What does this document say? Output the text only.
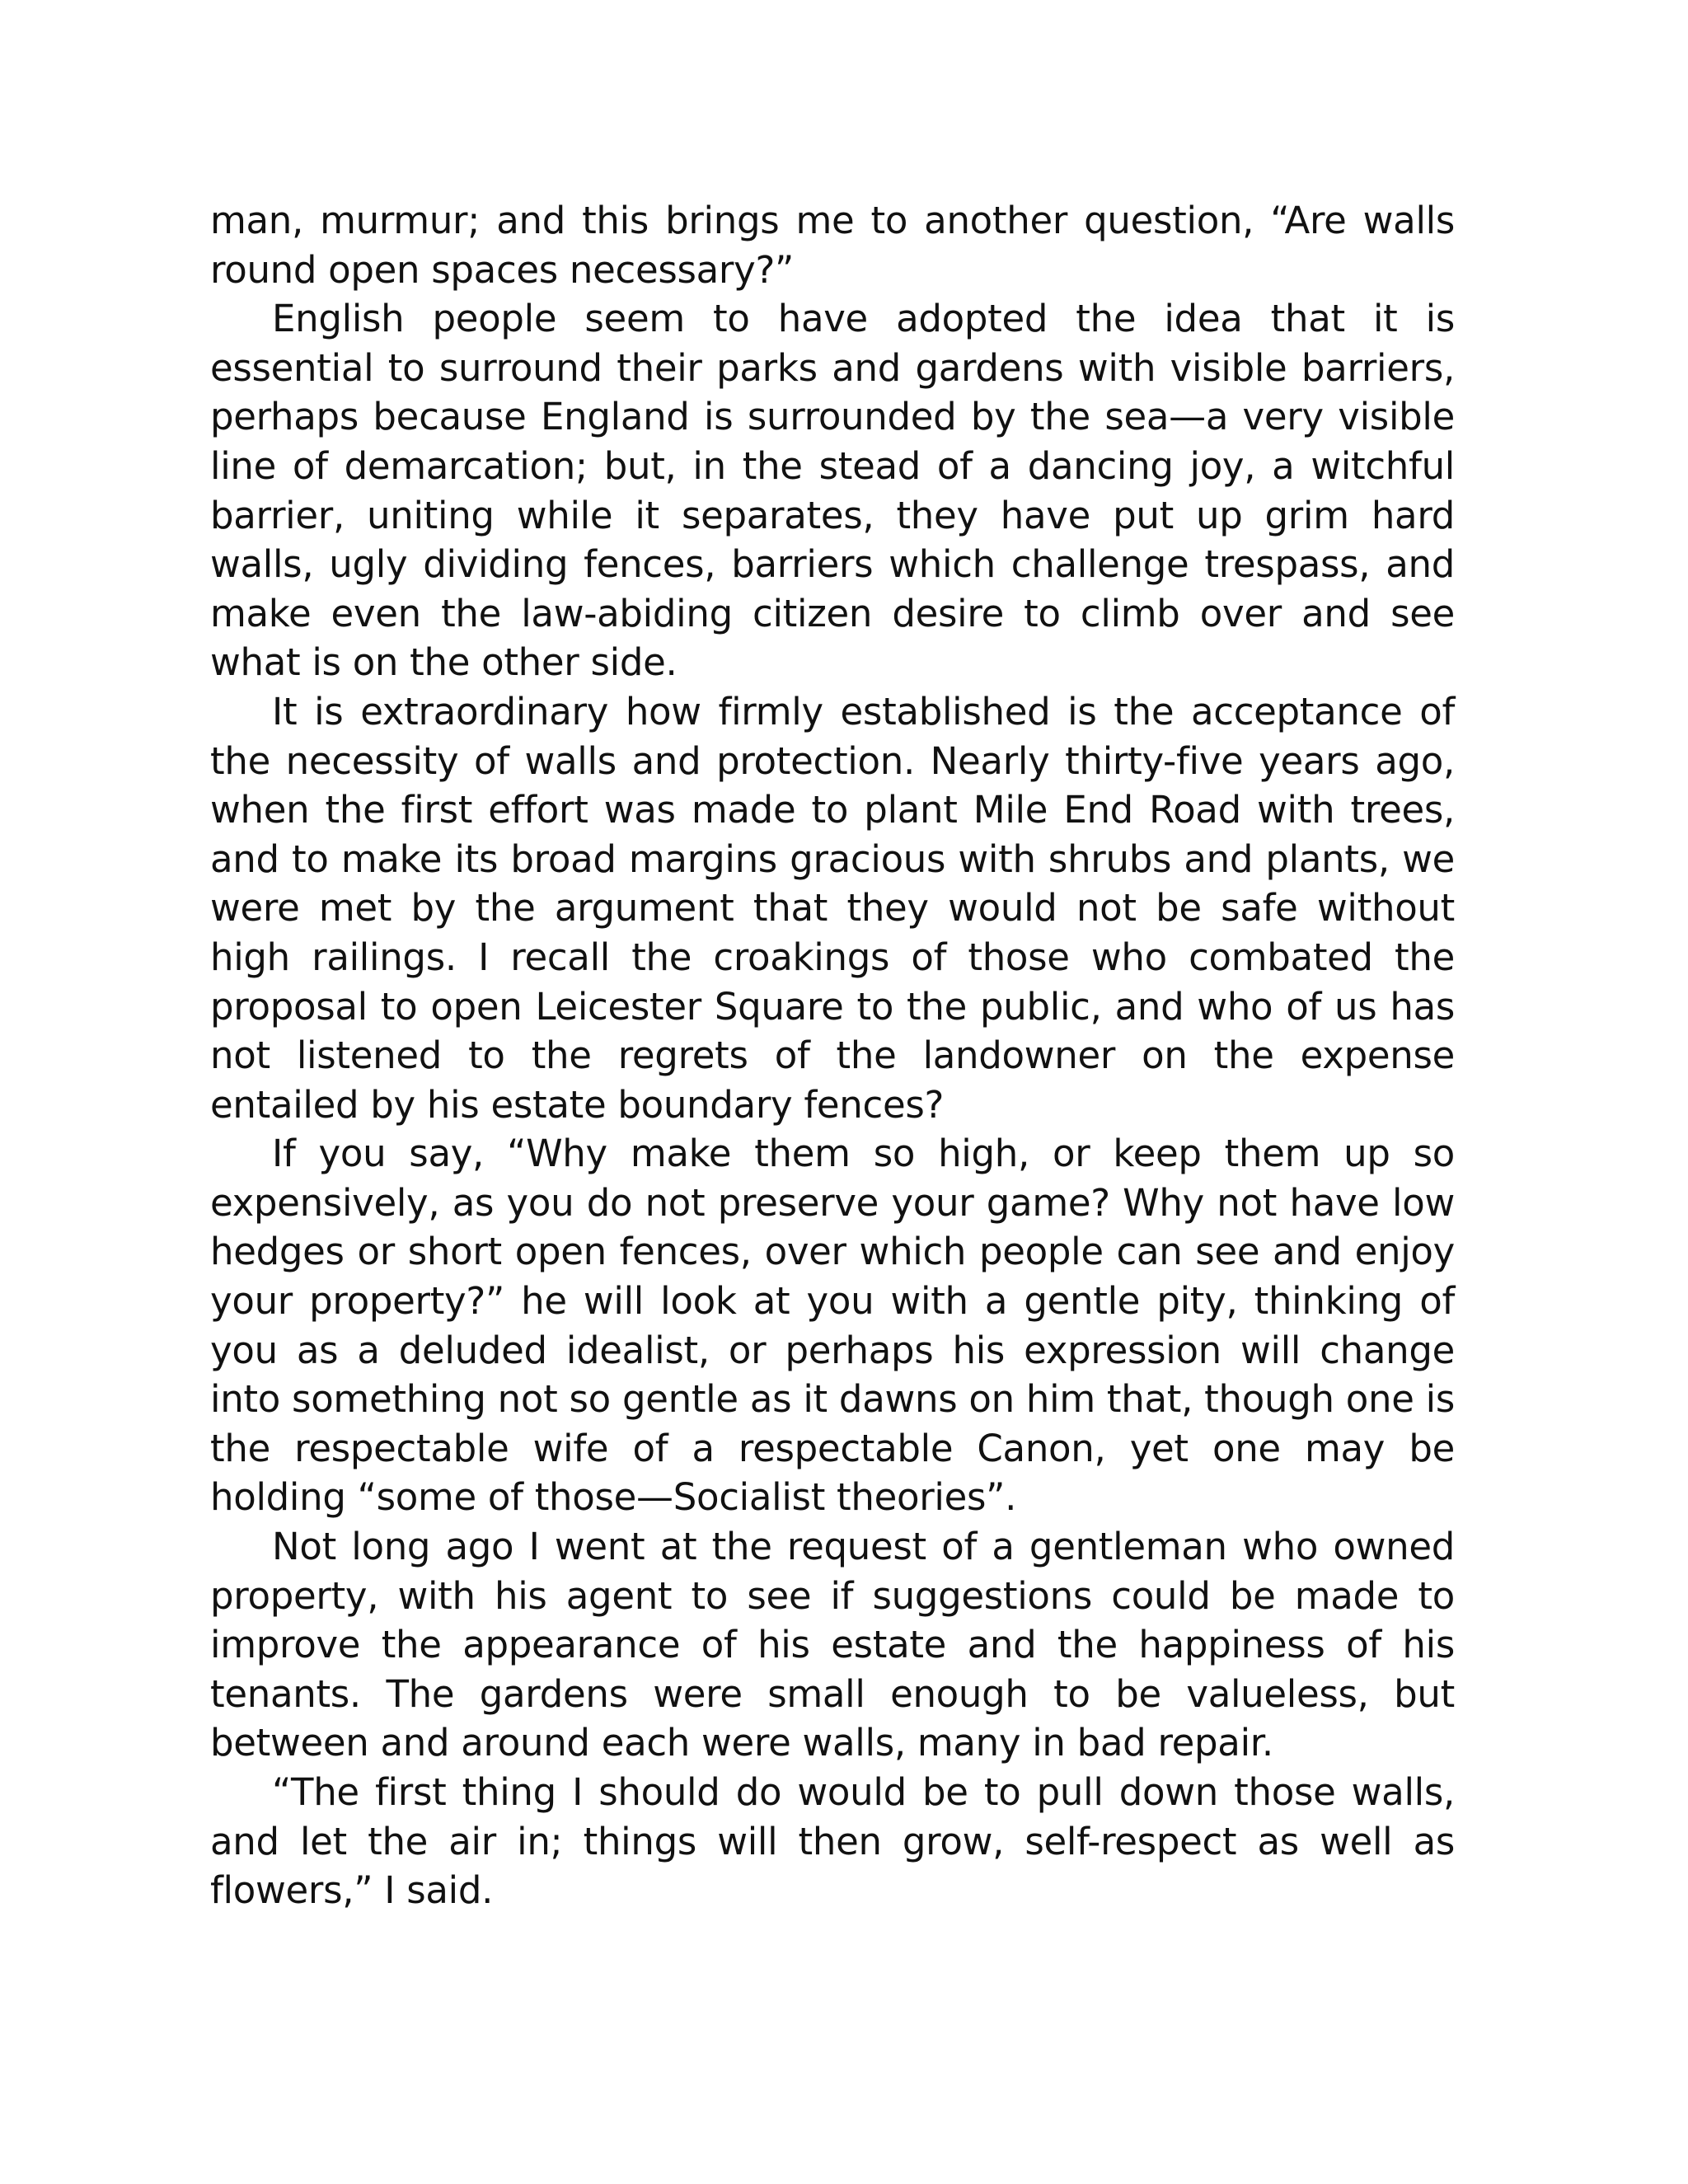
man, murmur; and this brings me to another question, “Are walls round open spaces necessary?”

English people seem to have adopted the idea that it is essential to surround their parks and gardens with visible barriers, perhaps because England is surrounded by the sea—a very visible line of demarcation; but, in the stead of a dancing joy, a witchful barrier, uniting while it separates, they have put up grim hard walls, ugly dividing fences, barriers which challenge trespass, and make even the law-abiding citizen desire to climb over and see what is on the other side.

It is extraordinary how firmly established is the acceptance of the necessity of walls and protection. Nearly thirty-five years ago, when the first effort was made to plant Mile End Road with trees, and to make its broad margins gracious with shrubs and plants, we were met by the argument that they would not be safe without high railings. I recall the croakings of those who combated the proposal to open Leicester Square to the public, and who of us has not listened to the regrets of the landowner on the expense entailed by his estate boundary fences?

If you say, “Why make them so high, or keep them up so expensively, as you do not preserve your game? Why not have low hedges or short open fences, over which people can see and enjoy your property?” he will look at you with a gentle pity, thinking of you as a deluded idealist, or perhaps his expression will change into something not so gentle as it dawns on him that, though one is the respectable wife of a respectable Canon, yet one may be holding “some of those—Socialist theories”.

Not long ago I went at the request of a gentleman who owned property, with his agent to see if suggestions could be made to improve the appearance of his estate and the happiness of his tenants. The gardens were small enough to be valueless, but between and around each were walls, many in bad repair.

“The first thing I should do would be to pull down those walls, and let the air in; things will then grow, self-respect as well as flowers,” I said.
